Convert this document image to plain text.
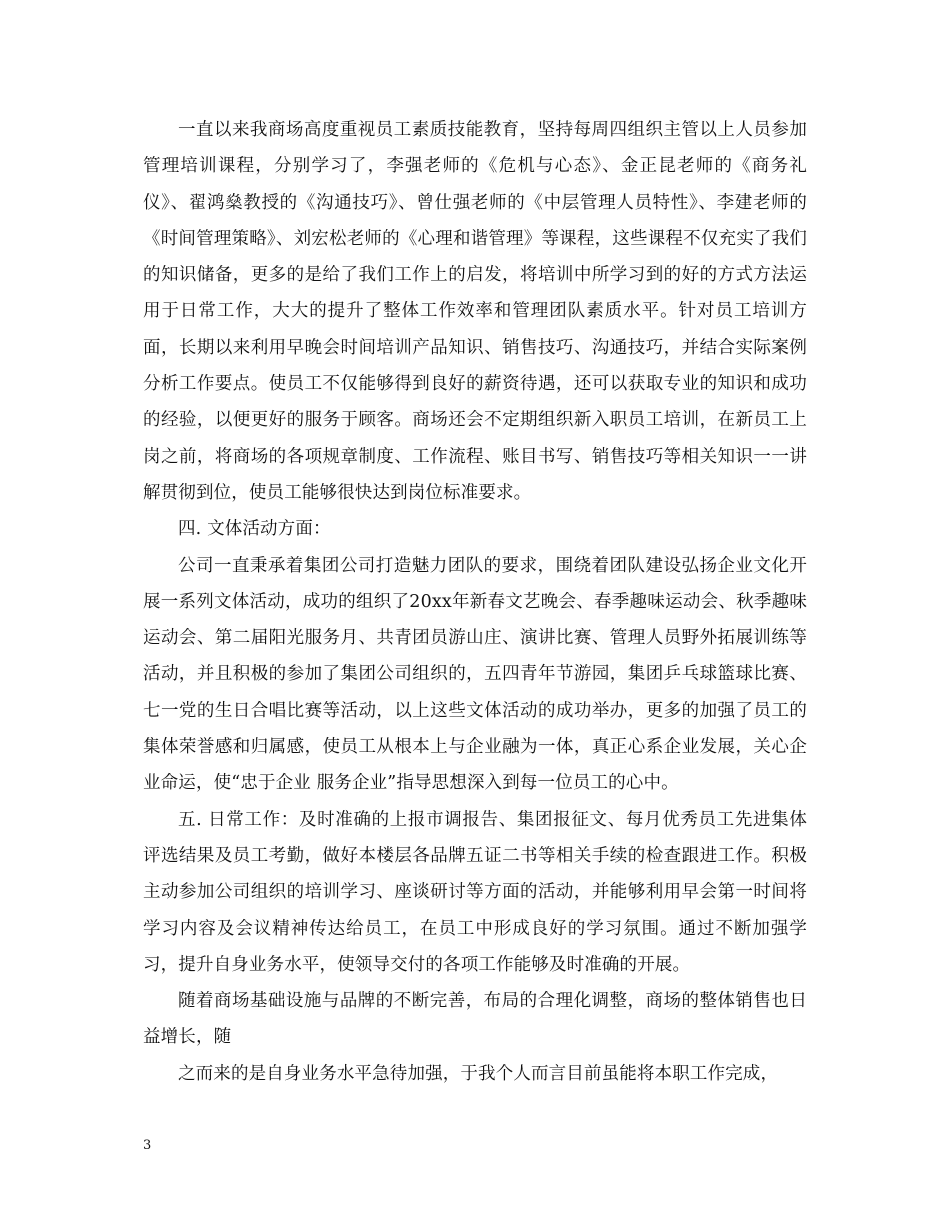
一直以来我商场高度重视员工素质技能教育，坚持每周四组织主管以上人员参加管理培训课程，分别学习了，李强老师的《危机与心态》、金正昆老师的《商务礼仪》、翟鸿燊教授的《沟通技巧》、曾仕强老师的《中层管理人员特性》、李建老师的《时间管理策略》、刘宏松老师的《心理和谐管理》等课程，这些课程不仅充实了我们的知识储备，更多的是给了我们工作上的启发，将培训中所学习到的好的方式方法运用于日常工作，大大的提升了整体工作效率和管理团队素质水平。针对员工培训方面，长期以来利用早晚会时间培训产品知识、销售技巧、沟通技巧，并结合实际案例分析工作要点。使员工不仅能够得到良好的薪资待遇，还可以获取专业的知识和成功的经验，以便更好的服务于顾客。商场还会不定期组织新入职员工培训，在新员工上岗之前，将商场的各项规章制度、工作流程、账目书写、销售技巧等相关知识一一讲解贯彻到位，使员工能够很快达到岗位标准要求。

四. 文体活动方面：

公司一直秉承着集团公司打造魅力团队的要求，围绕着团队建设弘扬企业文化开展一系列文体活动，成功的组织了20xx年新春文艺晚会、春季趣味运动会、秋季趣味运动会、第二届阳光服务月、共青团员游山庄、演讲比赛、管理人员野外拓展训练等活动，并且积极的参加了集团公司组织的，五四青年节游园，集团乒乓球篮球比赛、七一党的生日合唱比赛等活动，以上这些文体活动的成功举办，更多的加强了员工的集体荣誉感和归属感，使员工从根本上与企业融为一体，真正心系企业发展，关心企业命运，使“忠于企业 服务企业”指导思想深入到每一位员工的心中。

五. 日常工作：及时准确的上报市调报告、集团报征文、每月优秀员工先进集体评选结果及员工考勤，做好本楼层各品牌五证二书等相关手续的检查跟进工作。积极主动参加公司组织的培训学习、座谈研讨等方面的活动，并能够利用早会第一时间将学习内容及会议精神传达给员工，在员工中形成良好的学习氛围。通过不断加强学习，提升自身业务水平，使领导交付的各项工作能够及时准确的开展。

随着商场基础设施与品牌的不断完善，布局的合理化调整，商场的整体销售也日益增长，随

之而来的是自身业务水平急待加强，于我个人而言目前虽能将本职工作完成，

3
